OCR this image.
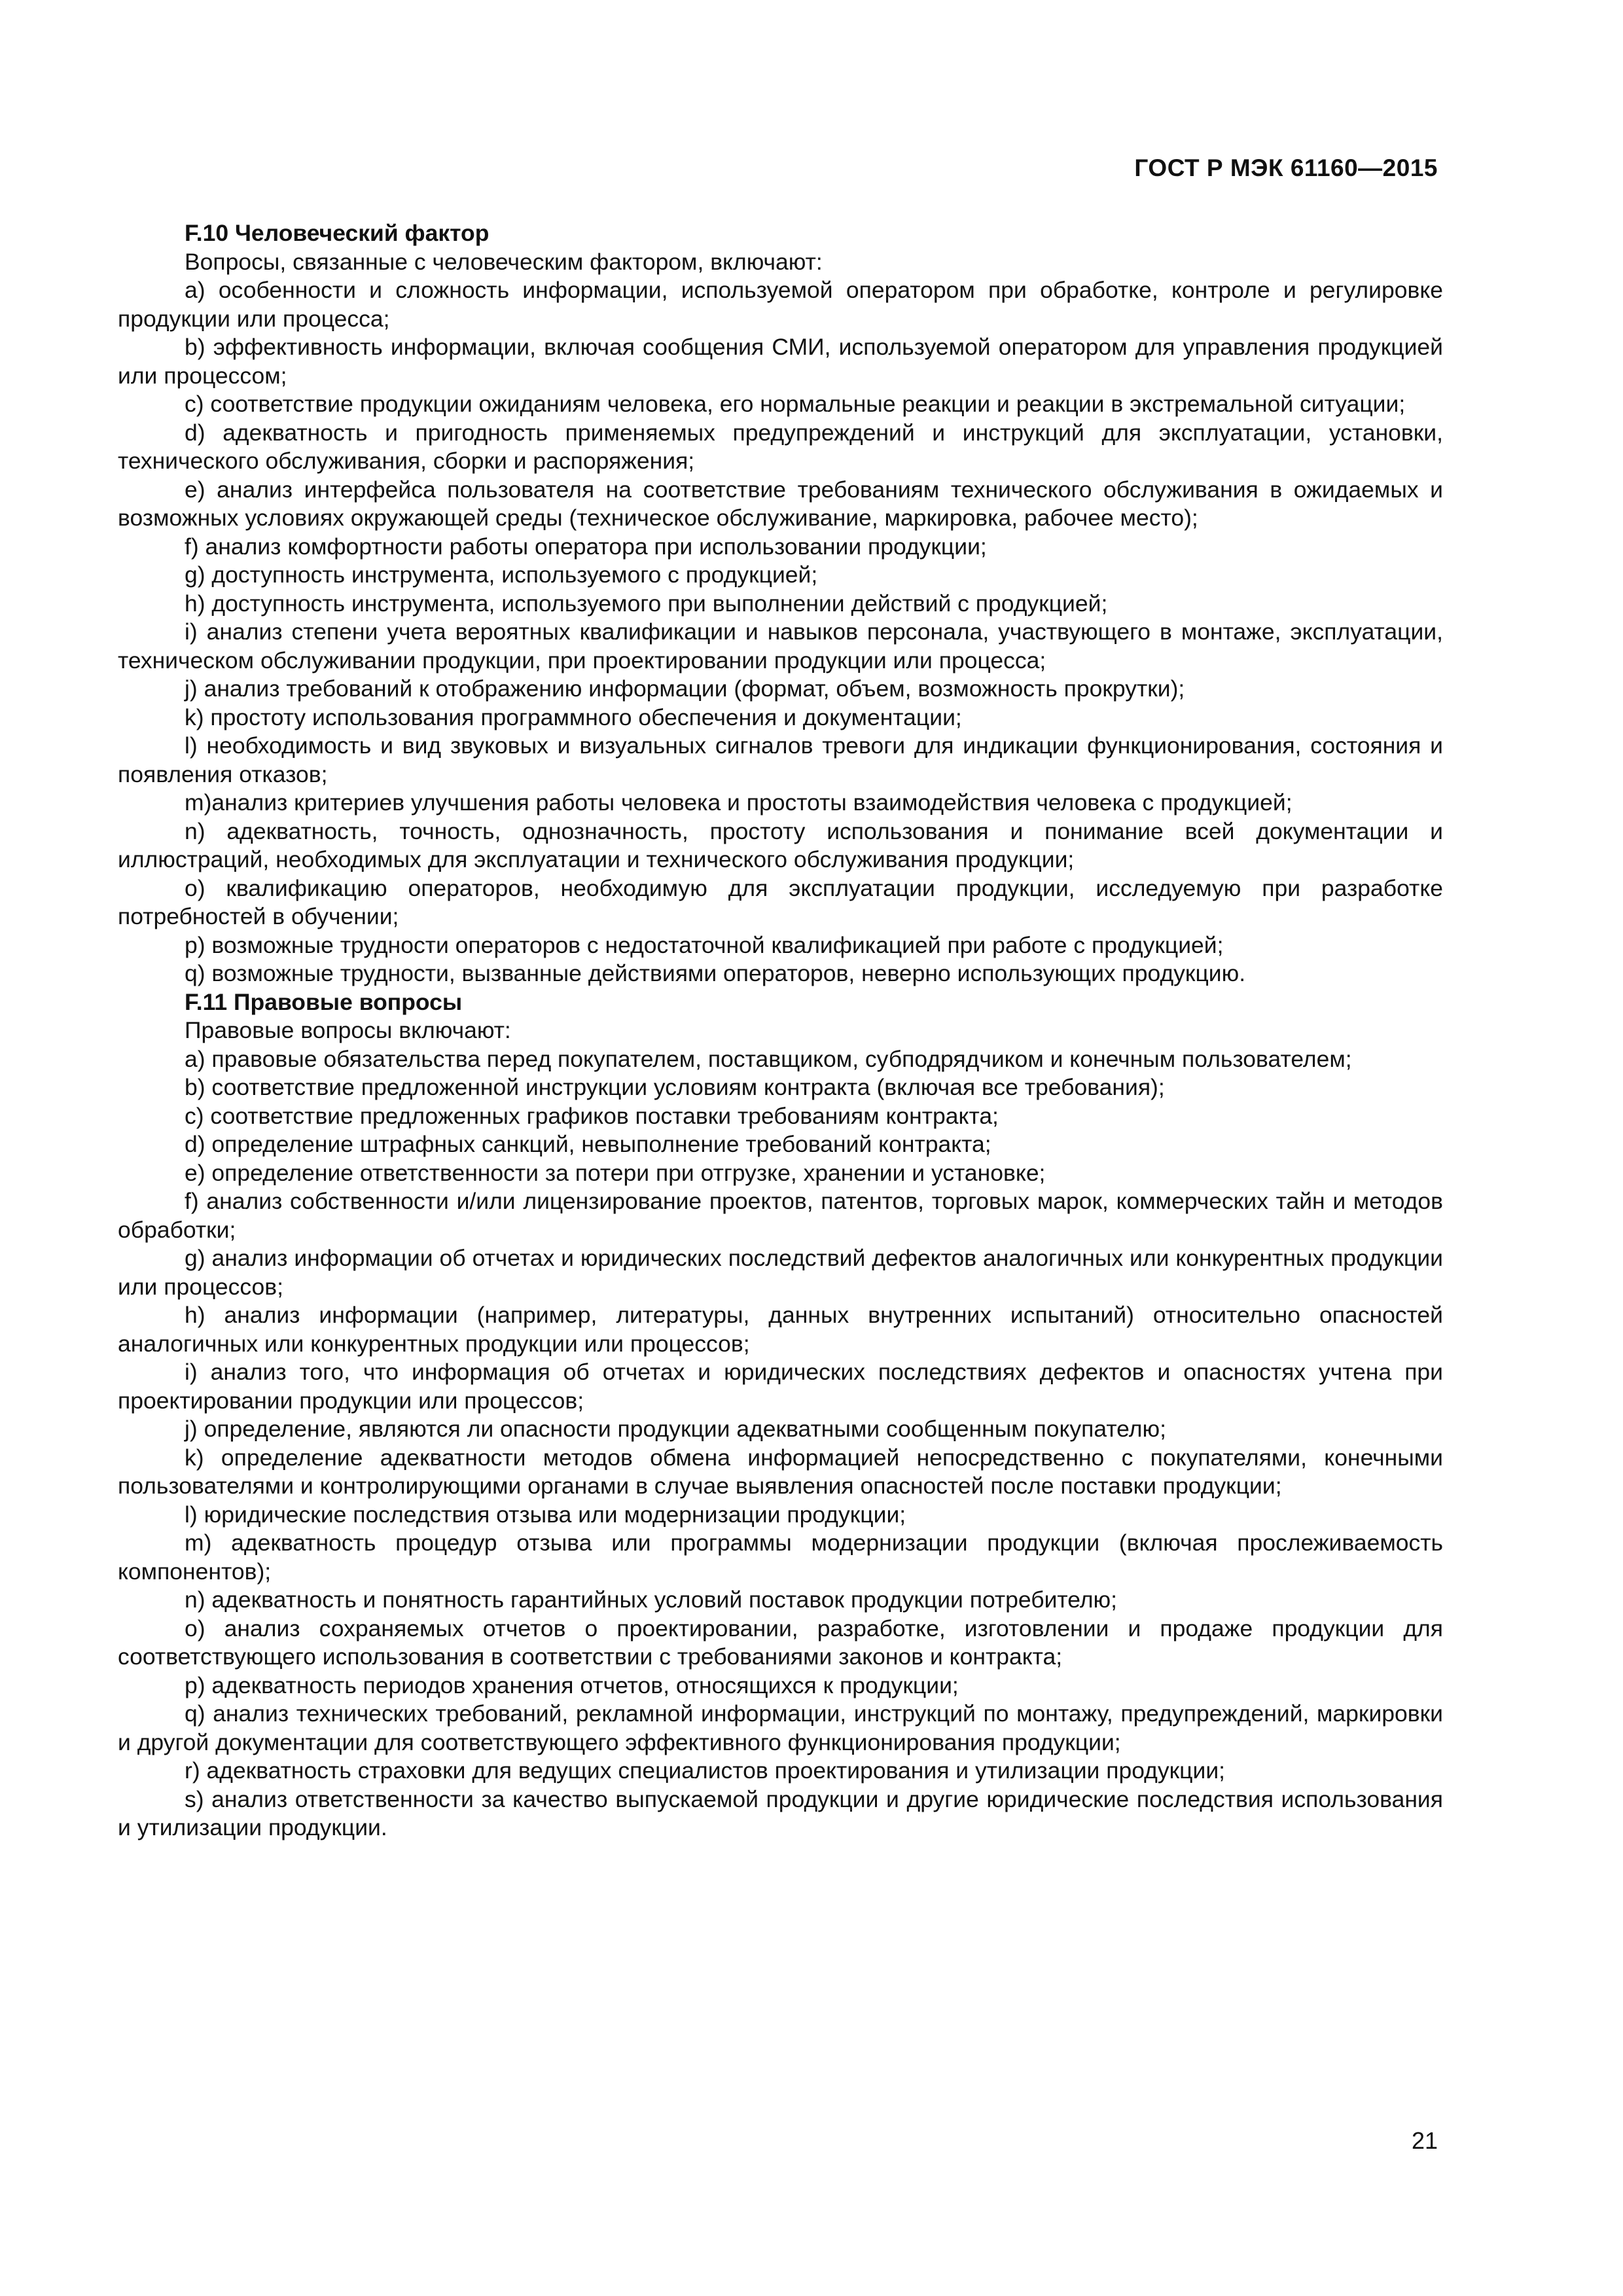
ГОСТ Р МЭК 61160—2015

F.10 Человеческий фактор

Вопросы, связанные с человеческим фактором, включают:

a) особенности и сложность информации, используемой оператором при обработке, контроле и регулировке продукции или процесса;

b) эффективность информации, включая сообщения СМИ, используемой оператором для управления продукцией или процессом;

c) соответствие продукции ожиданиям человека, его нормальные реакции и реакции в экстремальной ситуации;

d) адекватность и пригодность применяемых предупреждений и инструкций для эксплуатации, установки, технического обслуживания, сборки и распоряжения;

e) анализ интерфейса пользователя на соответствие требованиям технического обслуживания в ожидаемых и возможных условиях окружающей среды (техническое обслуживание, маркировка, рабочее место);

f) анализ комфортности работы оператора при использовании продукции;

g) доступность инструмента, используемого с продукцией;

h) доступность инструмента, используемого при выполнении действий с продукцией;

i) анализ степени учета вероятных квалификации и навыков персонала, участвующего в монтаже, эксплуатации, техническом обслуживании продукции, при проектировании продукции или процесса;

j) анализ требований к отображению информации (формат, объем, возможность прокрутки);

k) простоту использования программного обеспечения и документации;

l) необходимость и вид звуковых и визуальных сигналов тревоги для индикации функционирования, состояния и появления отказов;

m)анализ критериев улучшения работы человека и простоты взаимодействия человека с продукцией;

n) адекватность, точность, однозначность, простоту использования и понимание всей документации и иллюстраций, необходимых для эксплуатации и технического обслуживания продукции;

o) квалификацию операторов, необходимую для эксплуатации продукции, исследуемую при разработке потребностей в обучении;

p) возможные трудности операторов с недостаточной квалификацией при работе с продукцией;

q) возможные трудности, вызванные действиями операторов, неверно использующих продукцию.

F.11 Правовые вопросы

Правовые вопросы включают:

a) правовые обязательства перед покупателем, поставщиком, субподрядчиком и конечным пользователем;

b) соответствие предложенной инструкции условиям контракта (включая все требования);

c) соответствие предложенных графиков поставки требованиям контракта;

d) определение штрафных санкций, невыполнение требований контракта;

e) определение ответственности за потери при отгрузке, хранении и установке;

f) анализ собственности и/или лицензирование проектов, патентов, торговых марок, коммерческих тайн и методов обработки;

g) анализ информации об отчетах и юридических последствий дефектов аналогичных или конкурентных продукции или процессов;

h) анализ информации (например, литературы, данных внутренних испытаний) относительно опасностей аналогичных или конкурентных продукции или процессов;

i) анализ того, что информация об отчетах и юридических последствиях дефектов и опасностях учтена при проектировании продукции или процессов;

j) определение, являются ли опасности продукции адекватными сообщенным покупателю;

k) определение адекватности методов обмена информацией непосредственно с покупателями, конечными пользователями и контролирующими органами в случае выявления опасностей после поставки продукции;

l) юридические последствия отзыва или модернизации продукции;

m) адекватность процедур отзыва или программы модернизации продукции (включая прослеживаемость компонентов);

n) адекватность и понятность гарантийных условий поставок продукции потребителю;

o) анализ сохраняемых отчетов о проектировании, разработке, изготовлении и продаже продукции для соответствующего использования в соответствии с требованиями законов и контракта;

p) адекватность периодов хранения отчетов, относящихся к продукции;

q) анализ технических требований, рекламной информации, инструкций по монтажу, предупреждений, маркировки и другой документации для соответствующего эффективного функционирования продукции;

r) адекватность страховки для ведущих специалистов проектирования и утилизации продукции;

s) анализ ответственности за качество выпускаемой продукции и другие юридические последствия использования и утилизации продукции.

21
